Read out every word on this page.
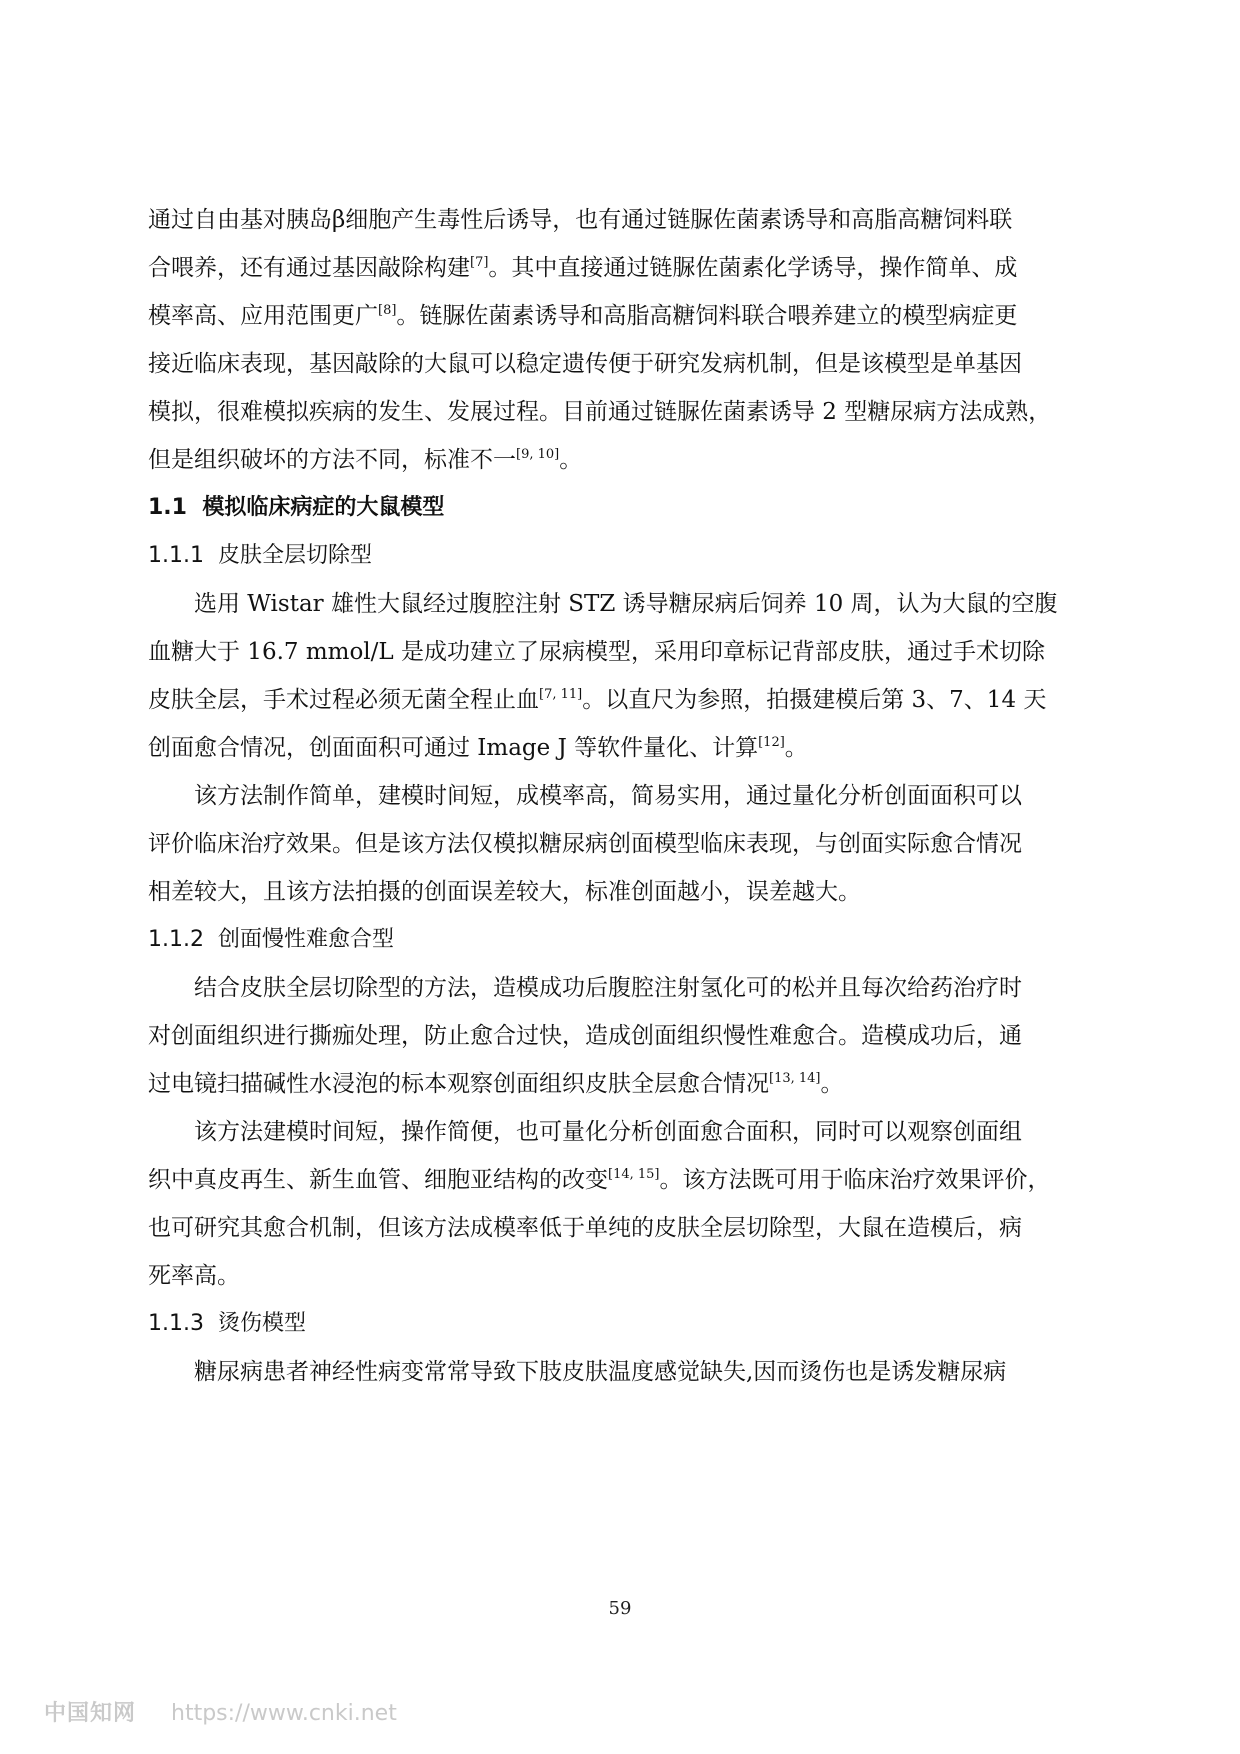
通过自由基对胰岛β细胞产生毒性后诱导，也有通过链脲佐菌素诱导和高脂高糖饲料联
合喂养，还有通过基因敲除构建[7]。其中直接通过链脲佐菌素化学诱导，操作简单、成
模率高、应用范围更广[8]。链脲佐菌素诱导和高脂高糖饲料联合喂养建立的模型病症更
接近临床表现，基因敲除的大鼠可以稳定遗传便于研究发病机制，但是该模型是单基因
模拟，很难模拟疾病的发生、发展过程。目前通过链脲佐菌素诱导 2 型糖尿病方法成熟，
但是组织破坏的方法不同，标准不一[9, 10]。
1.1 模拟临床病症的大鼠模型
1.1.1 皮肤全层切除型
选用 Wistar 雄性大鼠经过腹腔注射 STZ 诱导糖尿病后饲养 10 周，认为大鼠的空腹
血糖大于 16.7 mmol/L 是成功建立了尿病模型，采用印章标记背部皮肤，通过手术切除
皮肤全层，手术过程必须无菌全程止血[7, 11]。以直尺为参照，拍摄建模后第 3、7、14 天
创面愈合情况，创面面积可通过 Image J 等软件量化、计算[12]。
该方法制作简单，建模时间短，成模率高，简易实用，通过量化分析创面面积可以
评价临床治疗效果。但是该方法仅模拟糖尿病创面模型临床表现，与创面实际愈合情况
相差较大，且该方法拍摄的创面误差较大，标准创面越小，误差越大。
1.1.2 创面慢性难愈合型
结合皮肤全层切除型的方法，造模成功后腹腔注射氢化可的松并且每次给药治疗时
对创面组织进行撕痂处理，防止愈合过快，造成创面组织慢性难愈合。造模成功后，通
过电镜扫描碱性水浸泡的标本观察创面组织皮肤全层愈合情况[13, 14]。
该方法建模时间短，操作简便，也可量化分析创面愈合面积，同时可以观察创面组
织中真皮再生、新生血管、细胞亚结构的改变[14, 15]。该方法既可用于临床治疗效果评价，
也可研究其愈合机制，但该方法成模率低于单纯的皮肤全层切除型，大鼠在造模后，病
死率高。
1.1.3 烫伤模型
糖尿病患者神经性病变常常导致下肢皮肤温度感觉缺失,因而烫伤也是诱发糖尿病
59
中国知网 https://www.cnki.net
